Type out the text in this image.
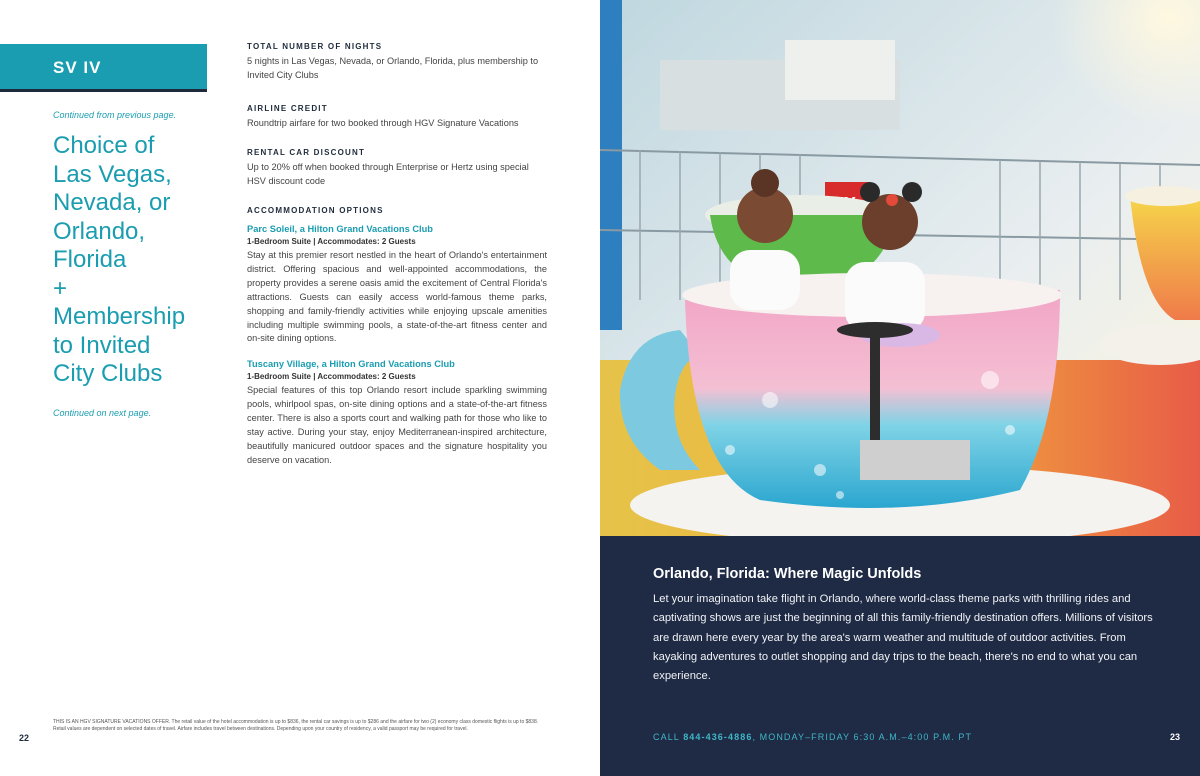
SV IV
Continued from previous page.
Choice of
Las Vegas,
Nevada, or
Orlando,
Florida
+
Membership
to Invited
City Clubs
Continued on next page.
TOTAL NUMBER OF NIGHTS
5 nights in Las Vegas, Nevada, or Orlando, Florida, plus membership to Invited City Clubs
AIRLINE CREDIT
Roundtrip airfare for two booked through HGV Signature Vacations
RENTAL CAR DISCOUNT
Up to 20% off when booked through Enterprise or Hertz using special HSV discount code
ACCOMMODATION OPTIONS
Parc Soleil, a Hilton Grand Vacations Club
1-Bedroom Suite | Accommodates: 2 Guests
Stay at this premier resort nestled in the heart of Orlando's entertainment district. Offering spacious and well-appointed accommodations, the property provides a serene oasis amid the excitement of Central Florida's attractions. Guests can easily access world-famous theme parks, shopping and family-friendly activities while enjoying upscale amenities including multiple swimming pools, a state-of-the-art fitness center and on-site dining options.
Tuscany Village, a Hilton Grand Vacations Club
1-Bedroom Suite | Accommodates: 2 Guests
Special features of this top Orlando resort include sparkling swimming pools, whirlpool spas, on-site dining options and a state-of-the-art fitness center. There is also a sports court and walking path for those who like to stay active. During your stay, enjoy Mediterranean-inspired architecture, beautifully manicured outdoor spaces and the signature hospitality you deserve on vacation.
THIS IS AN HGV SIGNATURE VACATIONS OFFER. The retail value of the hotel accommodation is up to $836, the rental car savings is up to $286 and the airfare for two (2) economy class domestic flights is up to $838. Retail values are dependent on selected dates of travel. Airfare includes travel between destinations. Depending upon your country of residency, a valid passport may be required for travel.
22
Orlando, Florida: Where Magic Unfolds
Let your imagination take flight in Orlando, where world-class theme parks with thrilling rides and captivating shows are just the beginning of all this family-friendly destination offers. Millions of visitors are drawn here every year by the area's warm weather and multitude of outdoor activities. From kayaking adventures to outlet shopping and day trips to the beach, there's no end to what you can experience.
CALL 844-436-4886, MONDAY–FRIDAY 6:30 A.M.–4:00 P.M. PT	23
